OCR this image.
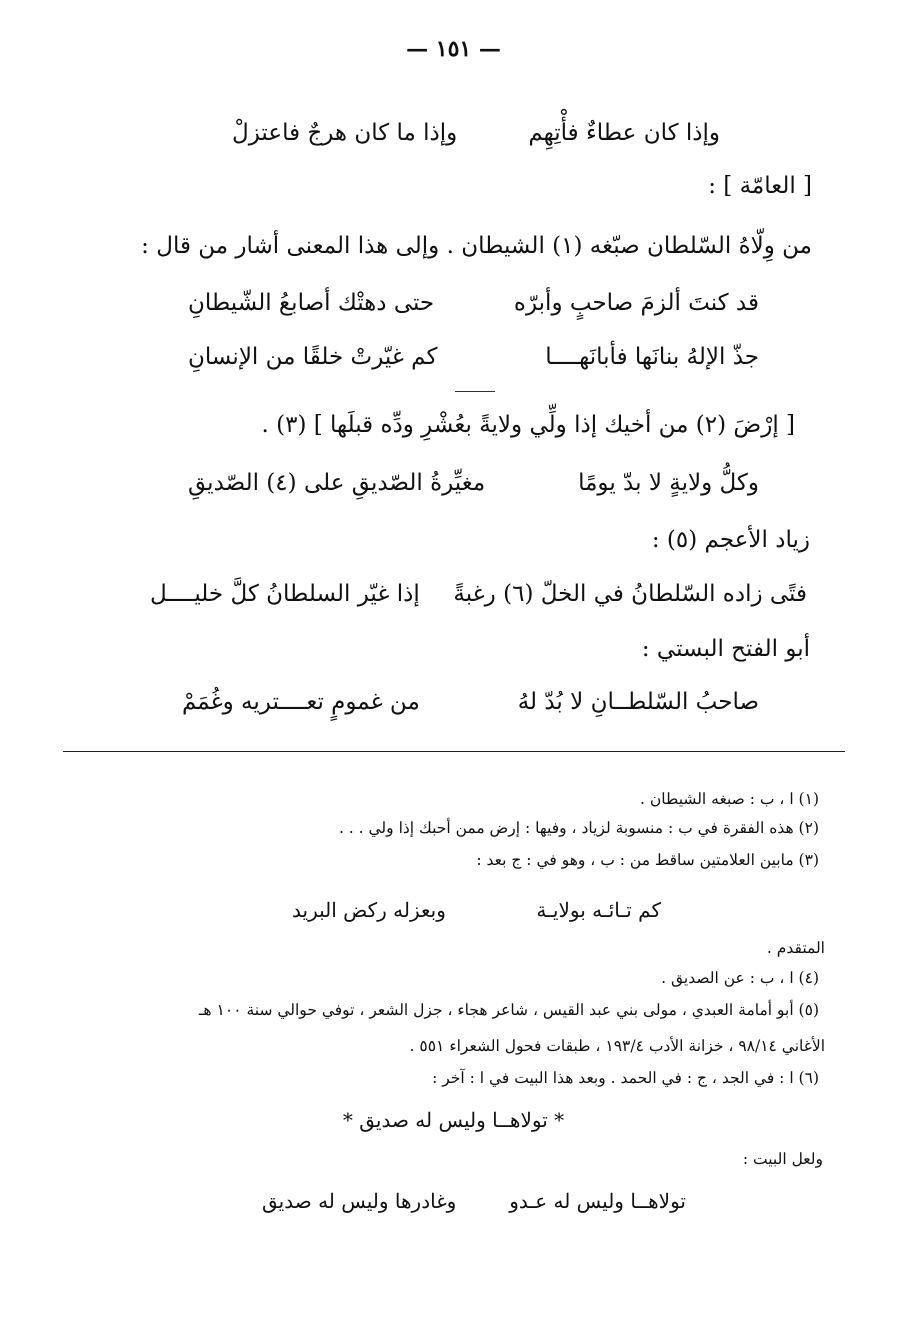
— ١٥١ —
وإذا كان عطاءٌ فأْتِهِم
وإذا ما كان هرجٌ فاعتزلْ
[ العامّة ] :
من وِلّاهُ السّلطان صبّغه (١) الشيطان . وإلى هذا المعنى أشار من قال :
قد كنتَ ألزمَ صاحبٍ وأبرّه
حتى دهتْك أصابعُ الشّيطانِ
جذّ الإلهُ بنانَها فأبانَهــــا
كم غيّرتْ خلقًا من الإنسانِ
[ إرْضَ (٢) من أخيك إذا ولِّي ولايةً بعُشْرِ ودِّه قبلَها ] (٣) .
وكلُّ ولايةٍ لا بدّ يومًا
مغيِّرةُ الصّديقِ على (٤) الصّديقِ
زياد الأعجم (٥) :
فتًى زاده السّلطانُ في الخلّ (٦) رغبةً
إذا غيّر السلطانُ كلَّ خليــــل
أبو الفتح البستي :
صاحبُ السّلطــانِ لا بُدّ لهُ
من غمومٍ تعــــتريه وغُمَمْ
(١) ا ، ب : صبغه الشيطان .
(٢) هذه الفقرة في ب : منسوبة لزياد ، وفيها : إرض ممن أحبك إذا ولي . . .
(٣) مابين العلامتين ساقط من : ب ، وهو في : ج بعد :
كم تـائـه بولايـة
وبعزله ركض البريد
المتقدم .
(٤) ا ، ب : عن الصديق .
(٥) أبو أمامة العبدي ، مولى بني عبد القيس ، شاعر هجاء ، جزل الشعر ، توفي حوالي سنة ١٠٠ هـ
الأغاني ٩٨/١٤ ، خزانة الأدب ١٩٣/٤ ، طبقات فحول الشعراء ٥٥١ .
(٦) ا : في الجد ، ج : في الحمد . وبعد هذا البيت في ا : آخر :
* تولاهــا وليس له صديق *
ولعل البيت :
تولاهــا وليس له عـدو
وغادرها وليس له صديق
